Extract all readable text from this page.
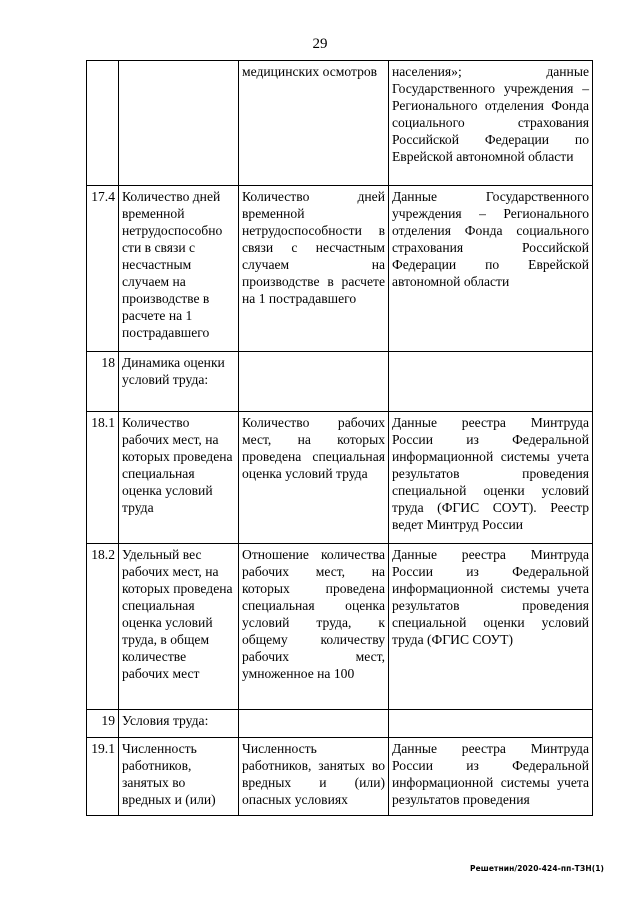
29
		медицинских осмотров	населения»; данные Государственного учреждения – Регионального отделения Фонда социального страхования Российской Федерации по Еврейской автономной области
17.4	Количество дней временной нетрудоспособно сти в связи с несчастным случаем на производстве в расчете на 1 пострадавшего	Количество дней временной нетрудоспособности в связи с несчастным случаем на производстве в расчете на 1 пострадавшего	Данные Государственного учреждения – Регионального отделения Фонда социального страхования Российской Федерации по Еврейской автономной области
18	Динамика оценки условий труда:		
18.1	Количество рабочих мест, на которых проведена специальная оценка условий труда	Количество рабочих мест, на которых проведена специальная оценка условий труда	Данные реестра Минтруда России из Федеральной информационной системы учета результатов проведения специальной оценки условий труда (ФГИС СОУТ). Реестр ведет Минтруд России
18.2	Удельный вес рабочих мест, на которых проведена специальная оценка условий труда, в общем количестве рабочих мест	Отношение количества рабочих мест, на которых проведена специальная оценка условий труда, к общему количеству рабочих мест, умноженное на 100	Данные реестра Минтруда России из Федеральной информационной системы учета результатов проведения специальной оценки условий труда (ФГИС СОУТ)
19	Условия труда:		
19.1	Численность работников, занятых во вредных и (или)	Численность работников, занятых во вредных и (или) опасных условиях	Данные реестра Минтруда России из Федеральной информационной системы учета результатов проведения
Решетнин/2020-424-пп-ТЗН(1)
